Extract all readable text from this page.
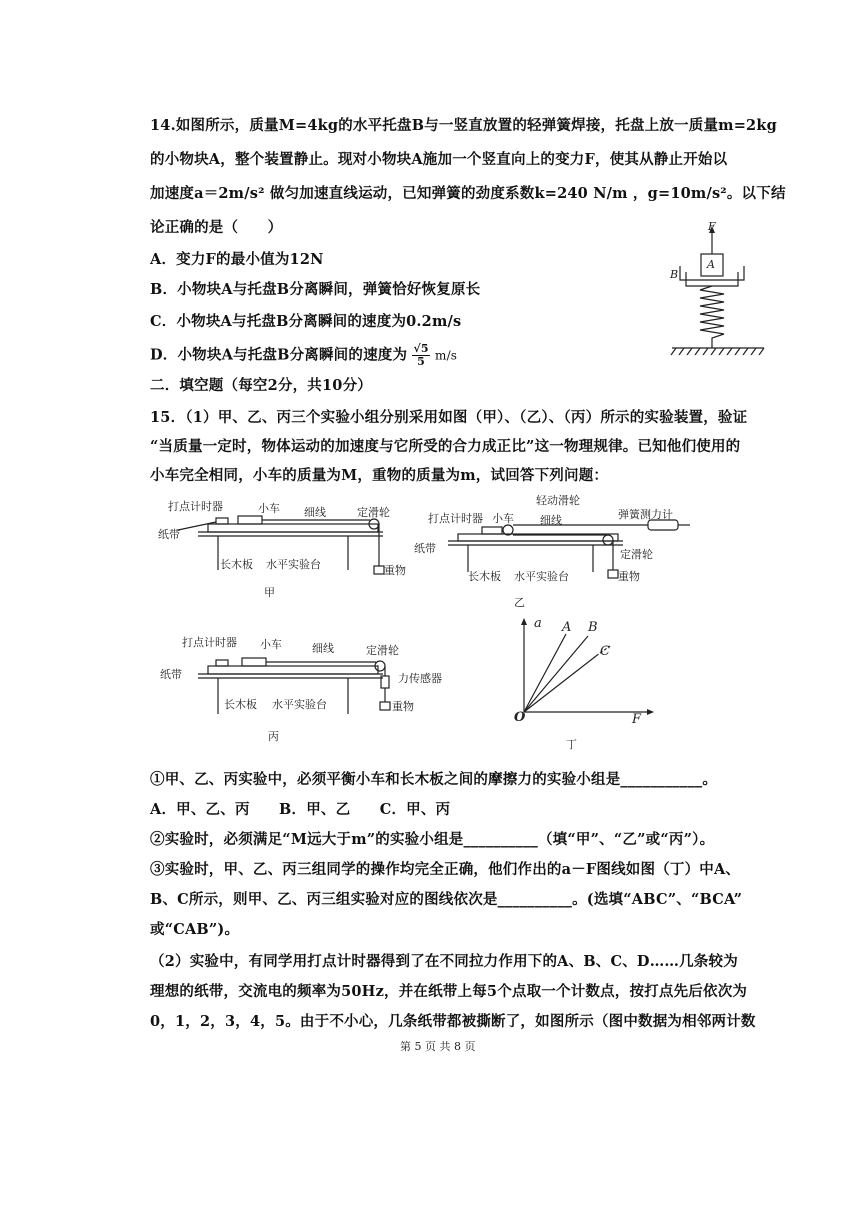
14.如图所示，质量M=4kg的水平托盘B与一竖直放置的轻弹簧焊接，托盘上放一质量m=2kg
的小物块A，整个装置静止。现对小物块A施加一个竖直向上的变力F，使其从静止开始以
加速度a＝2m/s² 做匀加速直线运动，已知弹簧的劲度系数k=240 N/m ，g=10m/s²。以下结
论正确的是（　　）
A．变力F的最小值为12N
B．小物块A与托盘B分离瞬间，弹簧恰好恢复原长
C．小物块A与托盘B分离瞬间的速度为0.2m/s
D．小物块A与托盘B分离瞬间的速度为 $\frac{√5}{5} m/s$
F
A
B
二．填空题（每空2分，共10分）
15．（1）甲、乙、丙三个实验小组分别采用如图（甲）、（乙）、（丙）所示的实验装置，验证
“当质量一定时，物体运动的加速度与它所受的合力成正比”这一物理规律。已知他们使用的
小车完全相同，小车的质量为M，重物的质量为m，试回答下列问题：
打点计时器	小车 细线	定滑轮
纸带
长木板 水平实验台	重物
甲
轻动滑轮
打点计时器 小车 细线	弹簧测力计
纸带	定滑轮
长木板 水平实验台	重物
乙
打点计时器 小车	细线	定滑轮
纸带	力传感器
长木板 水平实验台	重物
丙
a A B
C
O	F
丁
①甲、乙、丙实验中，必须平衡小车和长木板之间的摩擦力的实验小组是___________。
A．甲、乙、丙　　B．甲、乙　　C．甲、丙
②实验时，必须满足“M远大于m”的实验小组是__________（填“甲”、“乙”或“丙”）。
③实验时，甲、乙、丙三组同学的操作均完全正确，他们作出的a－F图线如图（丁）中A、
B、C所示，则甲、乙、丙三组实验对应的图线依次是__________。(选填“ABC”、“BCA”
或“CAB”)。
（2）实验中，有同学用打点计时器得到了在不同拉力作用下的A、B、C、D……几条较为
理想的纸带，交流电的频率为50Hz，并在纸带上每5个点取一个计数点，按打点先后依次为
0，1，2，3，4，5。由于不小心，几条纸带都被撕断了，如图所示（图中数据为相邻两计数
第 5 页 共 8 页
